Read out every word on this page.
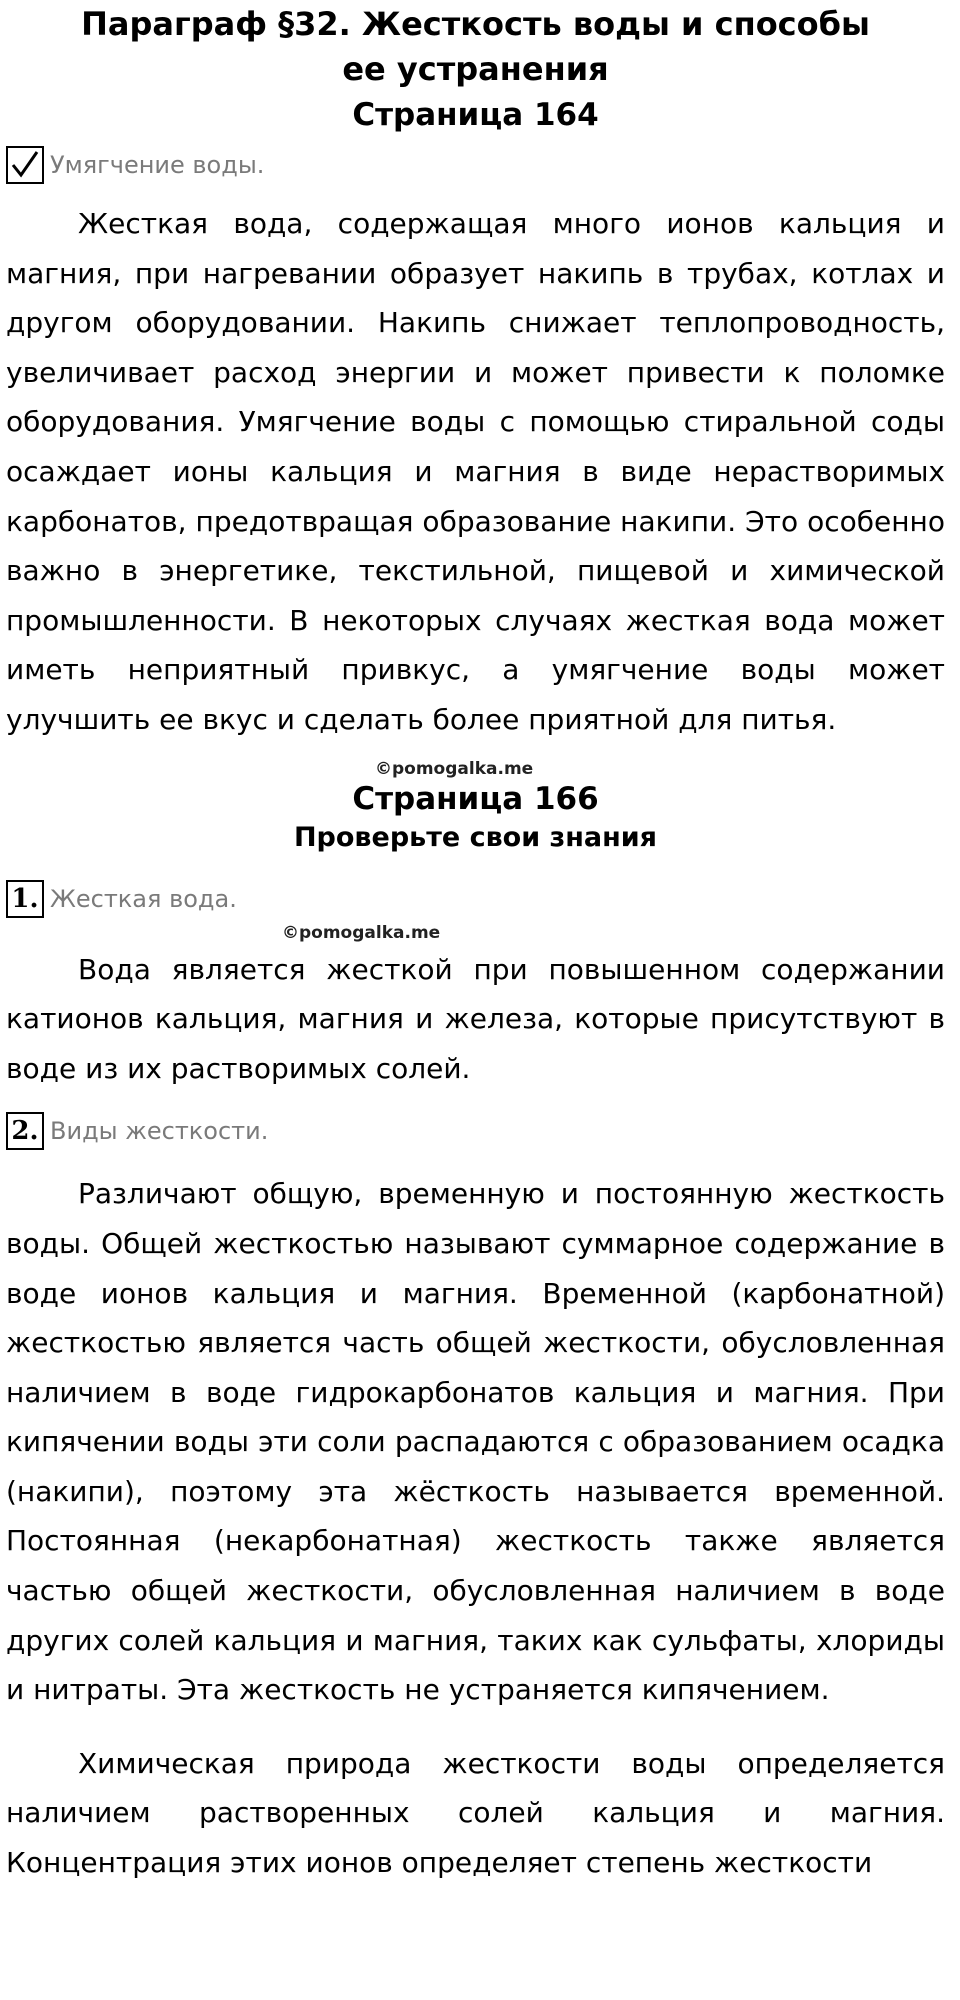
Параграф §32. Жесткость воды и способы ее устранения
Страница 164
Умягчение воды.

Жесткая вода, содержащая много ионов кальция и магния, при нагревании образует накипь в трубах, котлах и другом оборудовании. Накипь снижает теплопроводность, увеличивает расход энергии и может привести к поломке оборудования. Умягчение воды с помощью стиральной соды осаждает ионы кальция и магния в виде нерастворимых карбонатов, предотвращая образование накипи. Это особенно важно в энергетике, текстильной, пищевой и химической промышленности. В некоторых случаях жесткая вода может иметь неприятный привкус, а умягчение воды может улучшить ее вкус и сделать более приятной для питья.

©pomogalka.me
Страница 166
Проверьте свои знания
1. Жесткая вода.
©pomogalka.me

Вода является жесткой при повышенном содержании катионов кальция, магния и железа, которые присутствуют в воде из их растворимых солей.

2. Виды жесткости.

Различают общую, временную и постоянную жесткость воды. Общей жесткостью называют суммарное содержание в воде ионов кальция и магния. Временной (карбонатной) жесткостью является часть общей жесткости, обусловленная наличием в воде гидрокарбонатов кальция и магния. При кипячении воды эти соли распадаются с образованием осадка (накипи), поэтому эта жёсткость называется временной. Постоянная (некарбонатная) жесткость также является частью общей жесткости, обусловленная наличием в воде других солей кальция и магния, таких как сульфаты, хлориды и нитраты. Эта жесткость не устраняется кипячением.

Химическая природа жесткости воды определяется наличием растворенных солей кальция и магния. Концентрация этих ионов определяет степень жесткости
